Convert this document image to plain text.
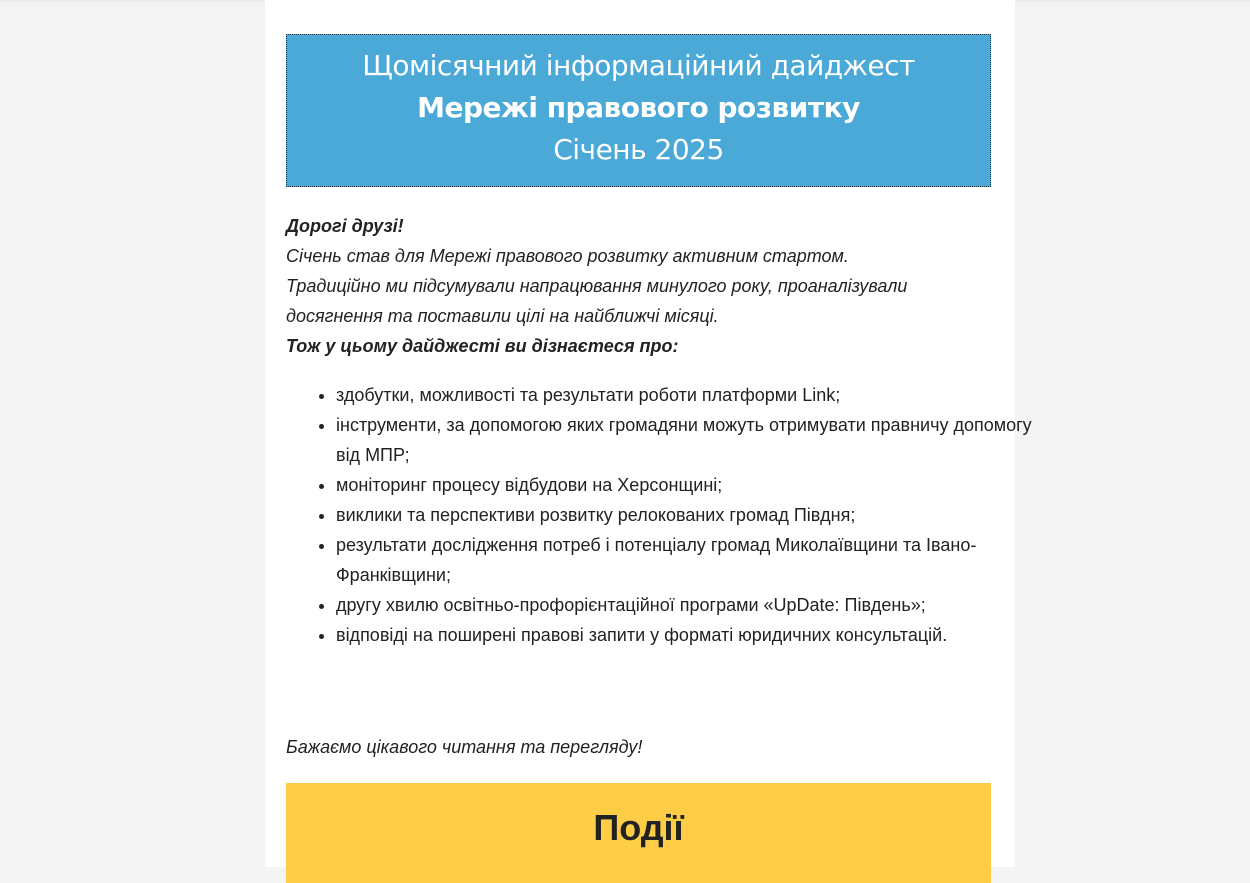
Щомісячний інформаційний дайджест
Мережі правового розвитку
Січень 2025
Дорогі друзі!
Січень став для Мережі правового розвитку активним стартом.
Традиційно ми підсумували напрацювання минулого року, проаналізували досягнення та поставили цілі на найближчі місяці.
Тож у цьому дайджесті ви дізнаєтеся про:
• здобутки, можливості та результати роботи платформи Link;
• інструменти, за допомогою яких громадяни можуть отримувати правничу допомогу від МПР;
• моніторинг процесу відбудови на Херсонщині;
• виклики та перспективи розвитку релокованих громад Півдня;
• результати дослідження потреб і потенціалу громад Миколаївщини та Івано-Франківщини;
• другу хвилю освітньо-профорієнтаційної програми «UpDate: Південь»;
• відповіді на поширені правові запити у форматі юридичних консультацій.
Бажаємо цікавого читання та перегляду!
Події
